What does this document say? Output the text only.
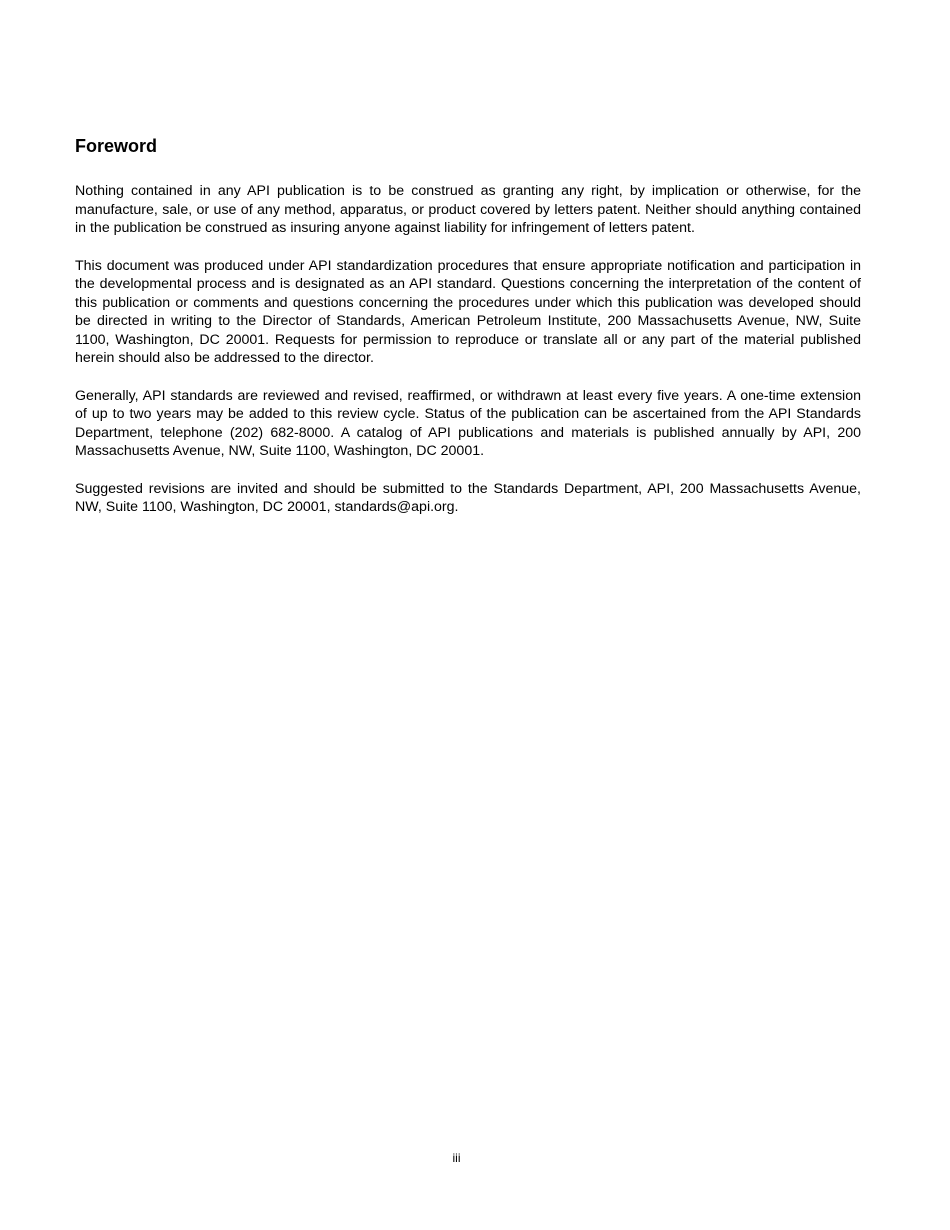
Foreword

Nothing contained in any API publication is to be construed as granting any right, by implication or otherwise, for the manufacture, sale, or use of any method, apparatus, or product covered by letters patent. Neither should anything contained in the publication be construed as insuring anyone against liability for infringement of letters patent.

This document was produced under API standardization procedures that ensure appropriate notification and participation in the developmental process and is designated as an API standard. Questions concerning the interpretation of the content of this publication or comments and questions concerning the procedures under which this publication was developed should be directed in writing to the Director of Standards, American Petroleum Institute, 200 Massachusetts Avenue, NW, Suite 1100, Washington, DC 20001. Requests for permission to reproduce or translate all or any part of the material published herein should also be addressed to the director.

Generally, API standards are reviewed and revised, reaffirmed, or withdrawn at least every five years. A one-time extension of up to two years may be added to this review cycle. Status of the publication can be ascertained from the API Standards Department, telephone (202) 682-8000. A catalog of API publications and materials is published annually by API, 200 Massachusetts Avenue, NW, Suite 1100, Washington, DC 20001.

Suggested revisions are invited and should be submitted to the Standards Department, API, 200 Massachusetts Avenue, NW, Suite 1100, Washington, DC 20001, standards@api.org.

iii
